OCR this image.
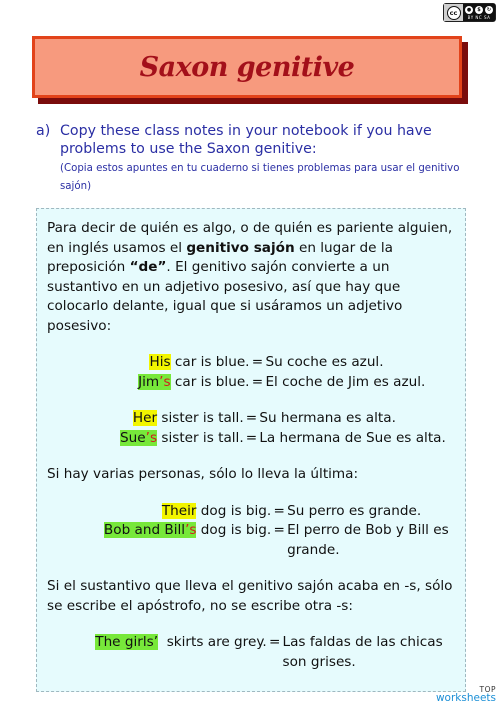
cc	●	$	↻
BY NC SA
Saxon genitive
a) Copy these class notes in your notebook if you have problems to use the Saxon genitive:
(Copia estos apuntes en tu cuaderno si tienes problemas para usar el genitivo sajón)

Para decir de quién es algo, o de quién es pariente alguien, en inglés usamos el genitivo sajón en lugar de la preposición “de”. El genitivo sajón convierte a un sustantivo en un adjetivo posesivo, así que hay que colocarlo delante, igual que si usáramos un adjetivo posesivo:

His car is blue. = Su coche es azul.
Jim’s car is blue. = El coche de Jim es azul.
Her sister is tall. = Su hermana es alta.
Sue’s sister is tall. = La hermana de Sue es alta.

Si hay varias personas, sólo lo lleva la última:

Their dog is big. = Su perro es grande.
Bob and Bill’s dog is big. = El perro de Bob y Bill es grande.

Si el sustantivo que lleva el genitivo sajón acaba en -s, sólo se escribe el apóstrofo, no se escribe otra -s:

The girls’  skirts are grey. = Las faldas de las chicas son grises.
TOP
worksheets
